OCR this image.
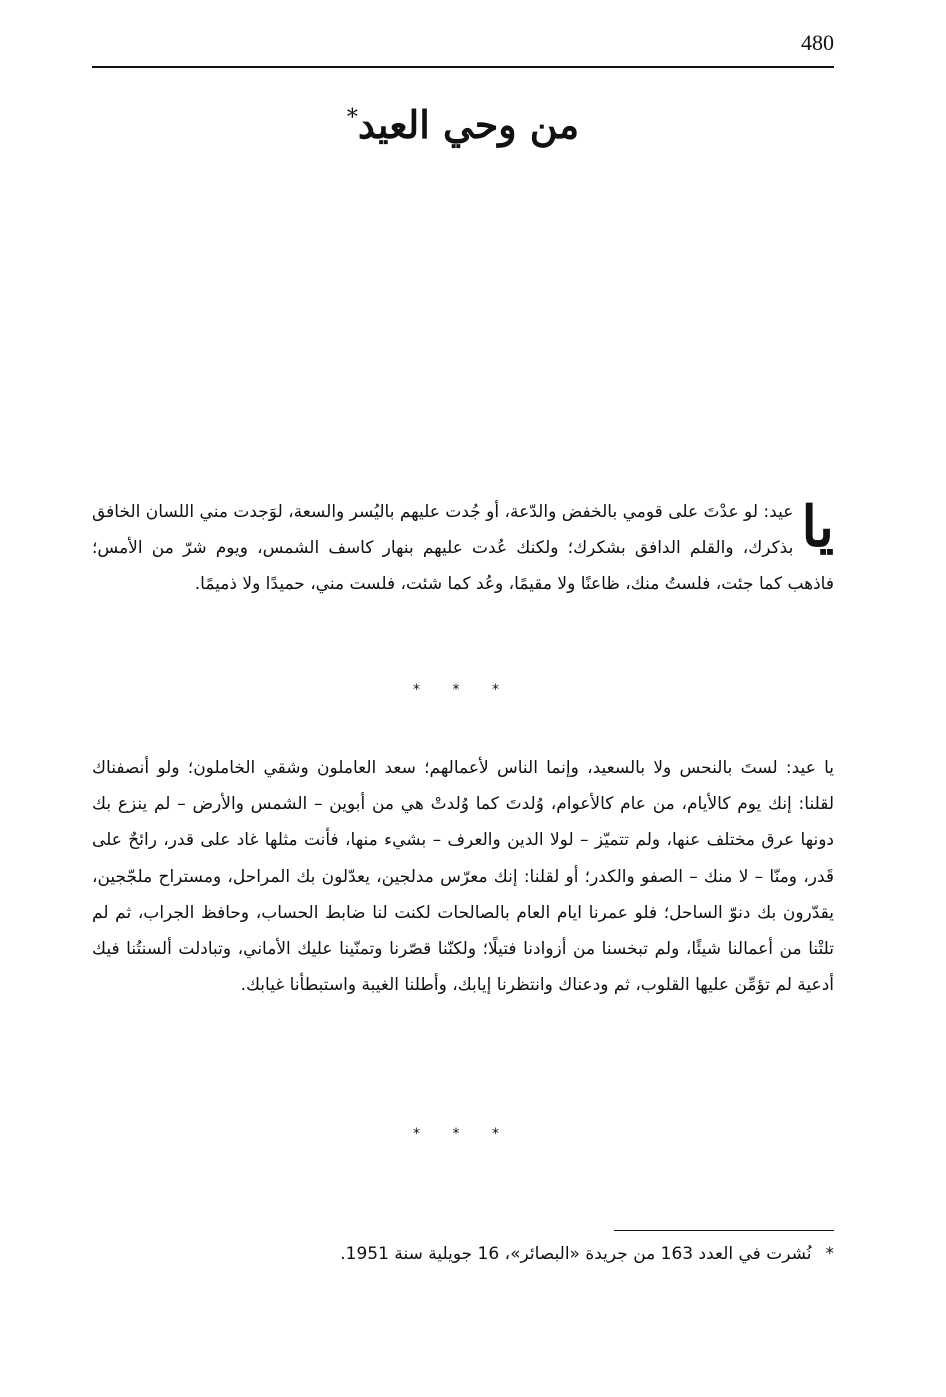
480
من وحي العيد*
يا
عيد: لو عدْتَ على قومي بالخفض والدّعة، أو جُدت عليهم باليُسر والسعة، لوَجدت مني اللسان الخافق بذكرك، والقلم الدافق بشكرك؛ ولكنك عُدت عليهم بنهار كاسف الشمس، ويوم شرّ من الأمس؛ فاذهب كما جئت، فلستُ منك، ظاعنًا ولا مقيمًا، وعُد كما شئت، فلست مني، حميدًا ولا ذميمًا.
* * *
يا عيد: لستَ بالنحس ولا بالسعيد، وإنما الناس لأعمالهم؛ سعد العاملون وشقي الخاملون؛ ولو أنصفناك لقلنا: إنك يوم كالأيام، من عام كالأعوام، وُلدتَ كما وُلدتْ هي من أبوين – الشمس والأرض – لم ينزع بك دونها عرق مختلف عنها، ولم تتميّز – لولا الدين والعرف – بشيء منها، فأنت مثلها غاد على قدر، رائحٌ على قَدر، ومنّا – لا منك – الصفو والكدر؛ أو لقلنا: إنك معرّس مدلجين، يعدّلون بك المراحل، ومستراح ملجّجين، يقدّرون بك دنوّ الساحل؛ فلو عمرنا ايام العام بالصالحات لكنت لنا ضابط الحساب، وحافظ الجراب، ثم لم تلتْنا من أعمالنا شيئًا، ولم تبخسنا من أزوادنا فتيلًا؛ ولكنّنا قصّرنا وتمنّينا عليك الأماني، وتبادلت ألسنتُنا فيك أدعية لم تؤمِّن عليها القلوب، ثم ودعناك وانتظرنا إيابك، وأطلنا الغيبة واستبطأنا غيابك.
* * *
*نُشرت في العدد 163 من جريدة «البصائر»، 16 جويلية سنة 1951.
